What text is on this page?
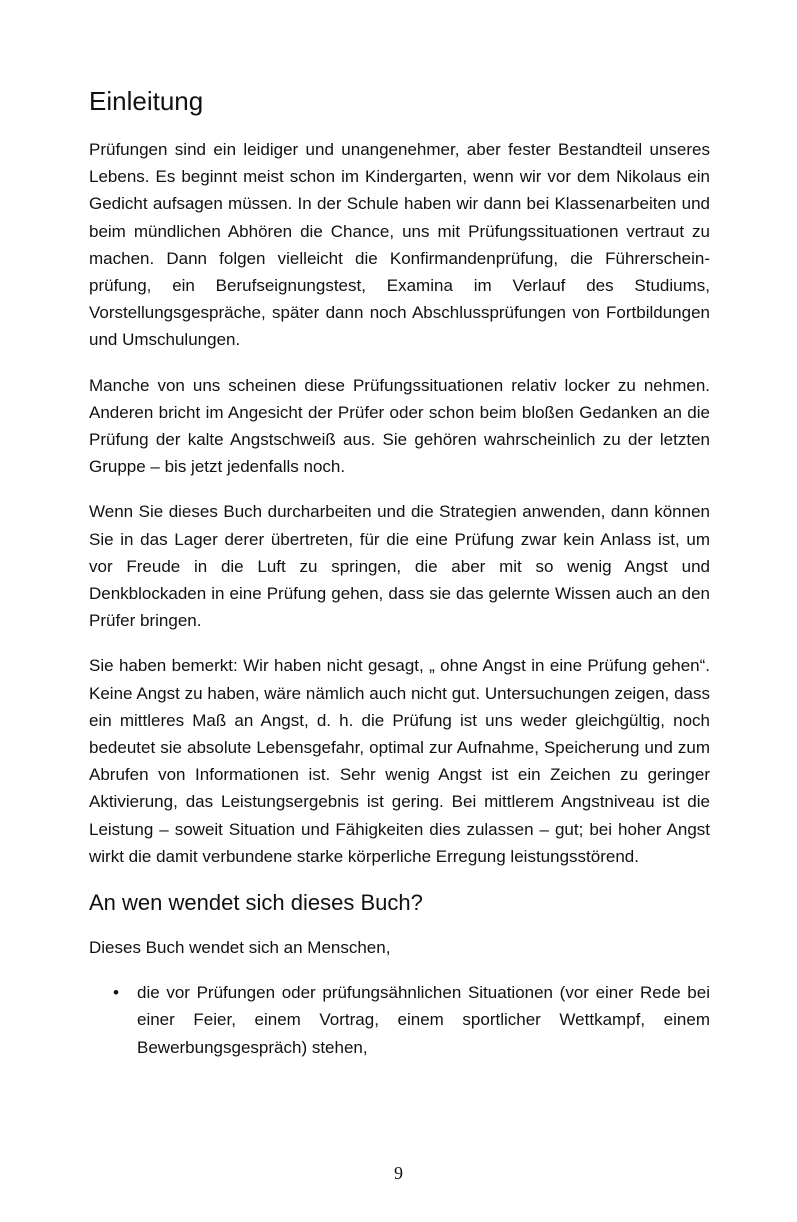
Einleitung

Prüfungen sind ein leidiger und unangenehmer, aber fester Bestandteil unseres Lebens. Es beginnt meist schon im Kindergarten, wenn wir vor dem Nikolaus ein Gedicht aufsagen müssen. In der Schule haben wir dann bei Klassenarbeiten und beim mündlichen Abhören die Chance, uns mit Prüfungssituationen vertraut zu machen. Dann folgen vielleicht die Konfirmandenprüfung, die Führerscheinprüfung, ein Berufseignungstest, Examina im Verlauf des Studiums, Vorstellungsgespräche, später dann noch Abschlussprüfungen von Fortbildungen und Umschulungen.

Manche von uns scheinen diese Prüfungssituationen relativ locker zu nehmen. Anderen bricht im Angesicht der Prüfer oder schon beim bloßen Gedanken an die Prüfung der kalte Angstschweiß aus. Sie gehören wahrscheinlich zu der letzten Gruppe – bis jetzt jedenfalls noch.

Wenn Sie dieses Buch durcharbeiten und die Strategien anwenden, dann können Sie in das Lager derer übertreten, für die eine Prüfung zwar kein Anlass ist, um vor Freude in die Luft zu springen, die aber mit so wenig Angst und Denkblockaden in eine Prüfung gehen, dass sie das gelernte Wissen auch an den Prüfer bringen.

Sie haben bemerkt: Wir haben nicht gesagt, „ ohne Angst in eine Prüfung gehen“. Keine Angst zu haben, wäre nämlich auch nicht gut. Untersuchungen zeigen, dass ein mittleres Maß an Angst, d. h. die Prüfung ist uns weder gleichgültig, noch bedeutet sie absolute Lebensgefahr, optimal zur Aufnahme, Speicherung und zum Abrufen von Informationen ist. Sehr wenig Angst ist ein Zeichen zu geringer Aktivierung, das Leistungsergebnis ist gering. Bei mittlerem Angstniveau ist die Leistung – soweit Situation und Fähigkeiten dies zulassen – gut; bei hoher Angst wirkt die damit verbundene starke körperliche Erregung leistungsstörend.

An wen wendet sich dieses Buch?

Dieses Buch wendet sich an Menschen,

• die vor Prüfungen oder prüfungsähnlichen Situationen (vor einer Rede bei einer Feier, einem Vortrag, einem sportlicher Wettkampf, einem Bewerbungsgespräch) stehen,
9
